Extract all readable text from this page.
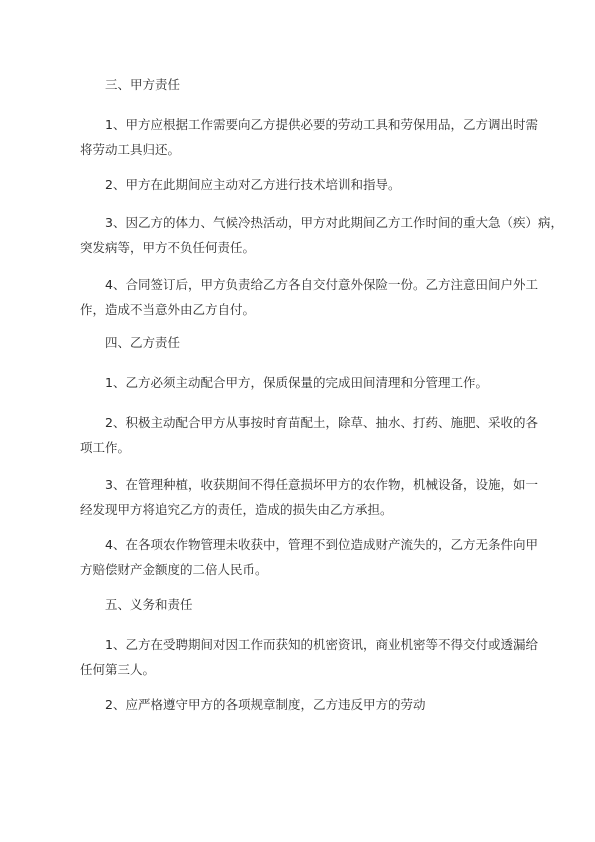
三、甲方责任

1、甲方应根据工作需要向乙方提供必要的劳动工具和劳保用品，乙方调出时需
将劳动工具归还。

2、甲方在此期间应主动对乙方进行技术培训和指导。

3、因乙方的体力、气候冷热活动，甲方对此期间乙方工作时间的重大急（疾）病，
突发病等，甲方不负任何责任。

4、合同签订后，甲方负责给乙方各自交付意外保险一份。乙方注意田间户外工
作，造成不当意外由乙方自付。

四、乙方责任

1、乙方必须主动配合甲方，保质保量的完成田间清理和分管理工作。

2、积极主动配合甲方从事按时育苗配土，除草、抽水、打药、施肥、采收的各
项工作。

3、在管理种植，收获期间不得任意损坏甲方的农作物，机械设备，设施，如一
经发现甲方将追究乙方的责任，造成的损失由乙方承担。

4、在各项农作物管理未收获中，管理不到位造成财产流失的，乙方无条件向甲
方赔偿财产金额度的二倍人民币。

五、义务和责任

1、乙方在受聘期间对因工作而获知的机密资讯，商业机密等不得交付或透漏给
任何第三人。

2、应严格遵守甲方的各项规章制度，乙方违反甲方的劳动
